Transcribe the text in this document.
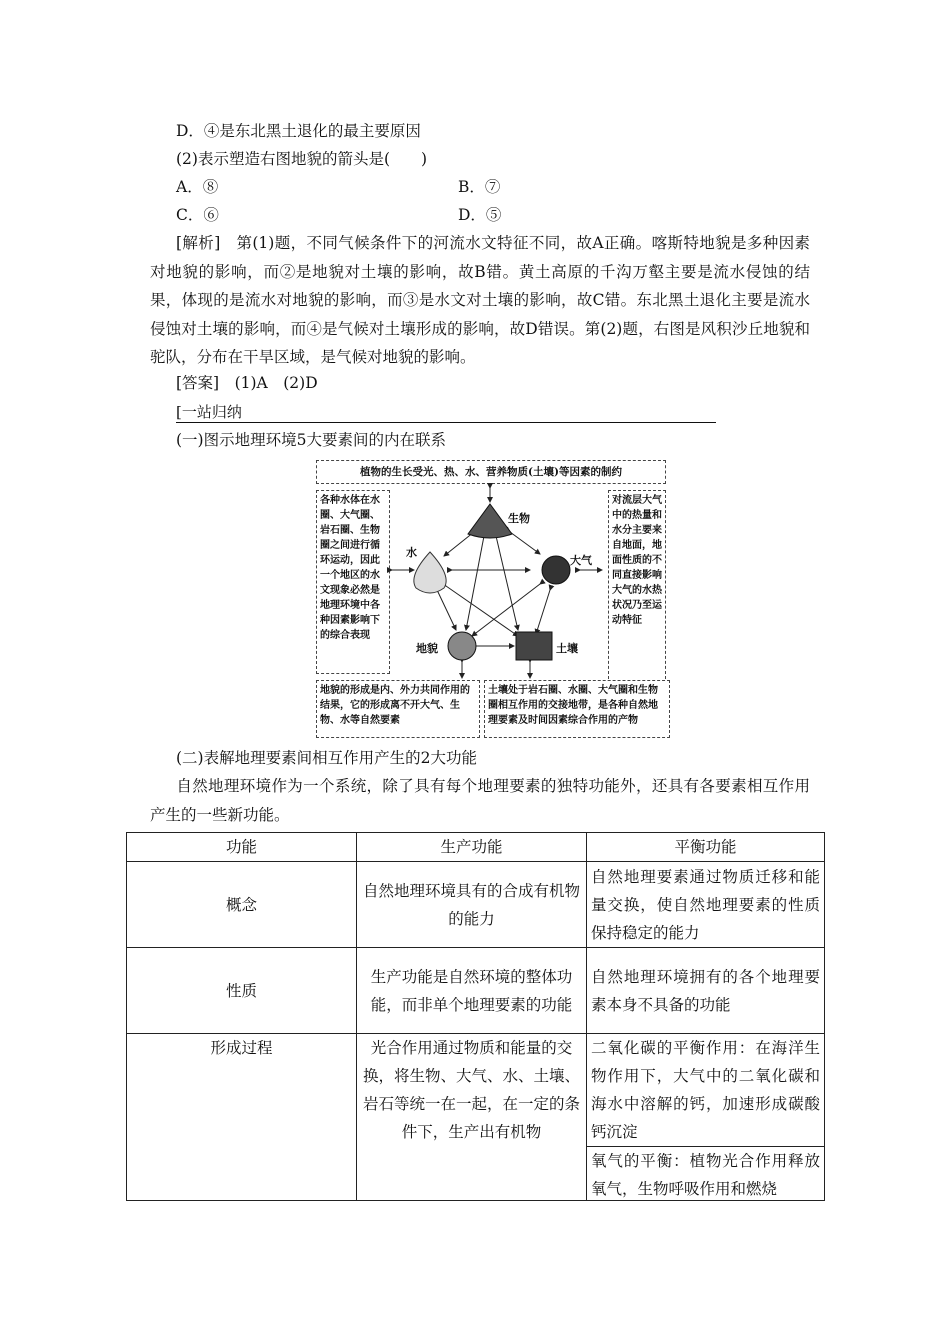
D．④是东北黑土退化的最主要原因
(2)表示塑造右图地貌的箭头是(　　)
A．⑧	B．⑦
C．⑥	D．⑤
[解析]　第(1)题，不同气候条件下的河流水文特征不同，故A正确。喀斯特地貌是多种因素对地貌的影响，而②是地貌对土壤的影响，故B错。黄土高原的千沟万壑主要是流水侵蚀的结果，体现的是流水对地貌的影响，而③是水文对土壤的影响，故C错。东北黑土退化主要是流水侵蚀对土壤的影响，而④是气候对土壤形成的影响，故D错误。第(2)题，右图是风积沙丘地貌和驼队，分布在干旱区域，是气候对地貌的影响。
[答案]　(1)A　(2)D
[一站归纳
(一)图示地理环境5大要素间的内在联系
植物的生长受光、热、水、营养物质(土壤)等因素的制约
各种水体在水圈、大气圈、岩石圈、生物圈之间进行循环运动，因此一个地区的水文现象必然是地理环境中各种因素影响下的综合表现
对流层大气中的热量和水分主要来自地面，地面性质的不同直接影响大气的水热状况乃至运动特征
地貌的形成是内、外力共同作用的结果，它的形成离不开大气、生物、水等自然要素
土壤处于岩石圈、水圈、大气圈和生物圈相互作用的交接地带，是各种自然地理要素及时间因素综合作用的产物
生物
水
大气
地貌	土壤
(二)表解地理要素间相互作用产生的2大功能
自然地理环境作为一个系统，除了具有每个地理要素的独特功能外，还具有各要素相互作用产生的一些新功能。
功能	生产功能	平衡功能
概念	自然地理环境具有的合成有机物的能力	自然地理要素通过物质迁移和能量交换，使自然地理要素的性质保持稳定的能力

性质	生产功能是自然环境的整体功能，而非单个地理要素的功能	自然地理环境拥有的各个地理要素本身不具备的功能

形成过程	光合作用通过物质和能量的交换，将生物、大气、水、土壤、岩石等统一在一起，在一定的条件下，生产出有机物	二氧化碳的平衡作用：在海洋生物作用下，大气中的二氧化碳和海水中溶解的钙，加速形成碳酸钙沉淀

		氧气的平衡：植物光合作用释放氧气，生物呼吸作用和燃烧
